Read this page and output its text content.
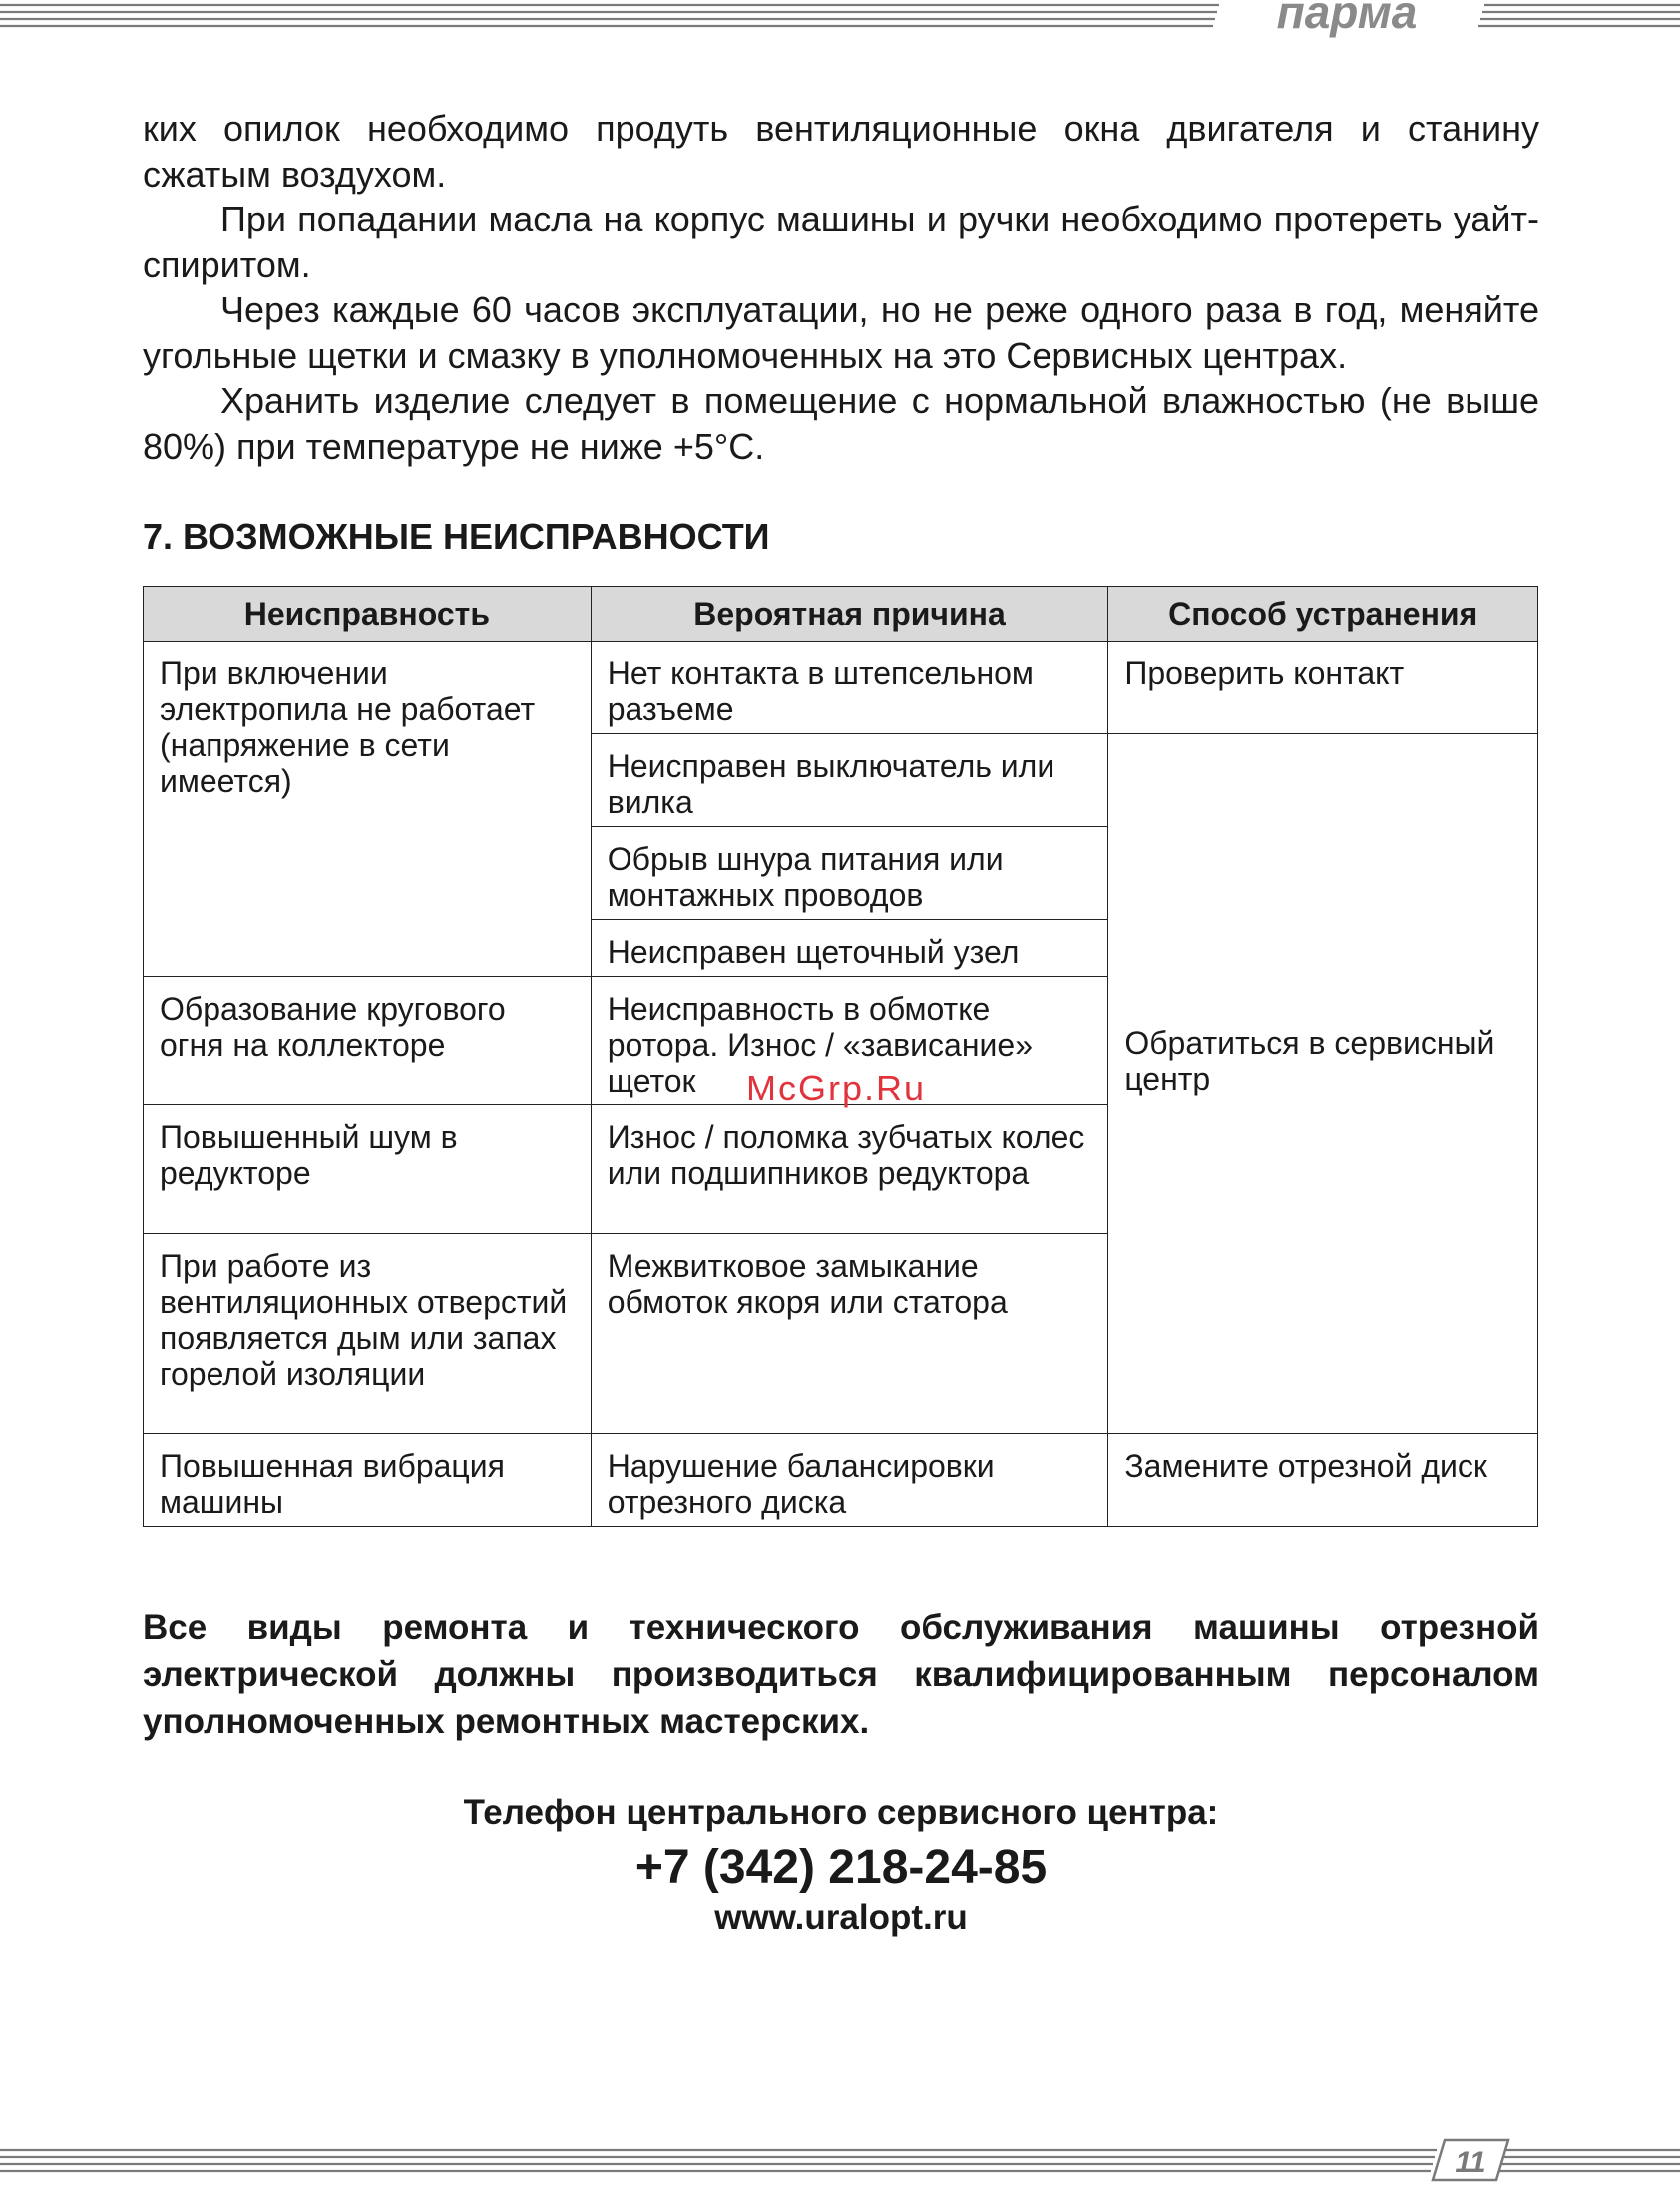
парма

ких опилок необходимо продуть вентиляционные окна двигателя и станину сжатым воздухом.

При попадании масла на корпус машины и ручки необходимо протереть уайт-спиритом.

Через каждые 60 часов эксплуатации, но не реже одного раза в год, меняйте угольные щетки и смазку в уполномоченных на это Сервисных центрах.

Хранить изделие следует в помещение с нормальной влажностью (не выше 80%) при температуре не ниже +5°С.

7. ВОЗМОЖНЫЕ НЕИСПРАВНОСТИ
Неисправность	Вероятная причина	Способ устранения
При включении электропила не работает (напряжение в сети имеется)	Нет контакта в штепсельном разъеме	Проверить контакт
	Неисправен выключатель или вилка	Обратиться в сервисный центр
	Обрыв шнура питания или монтажных проводов	
	Неисправен щеточный узел	
Образование кругового огня на коллекторе	Неисправность в обмотке ротора. Износ / «зависание» щеток	
Повышенный шум в редукторе	Износ / поломка зубчатых колес или подшипников редуктора	
При работе из вентиляционных отверстий появляется дым или запах горелой изоляции	Межвитковое замыкание обмоток якоря или статора	
Повышенная вибрация машины	Нарушение балансировки отрезного диска	Замените отрезной диск
McGrp.Ru

Все виды ремонта и технического обслуживания машины отрезной электрической должны производиться квалифицированным персоналом уполномоченных ремонтных мастерских.

Телефон центрального сервисного центра:
+7 (342) 218-24-85
www.uralopt.ru
11
